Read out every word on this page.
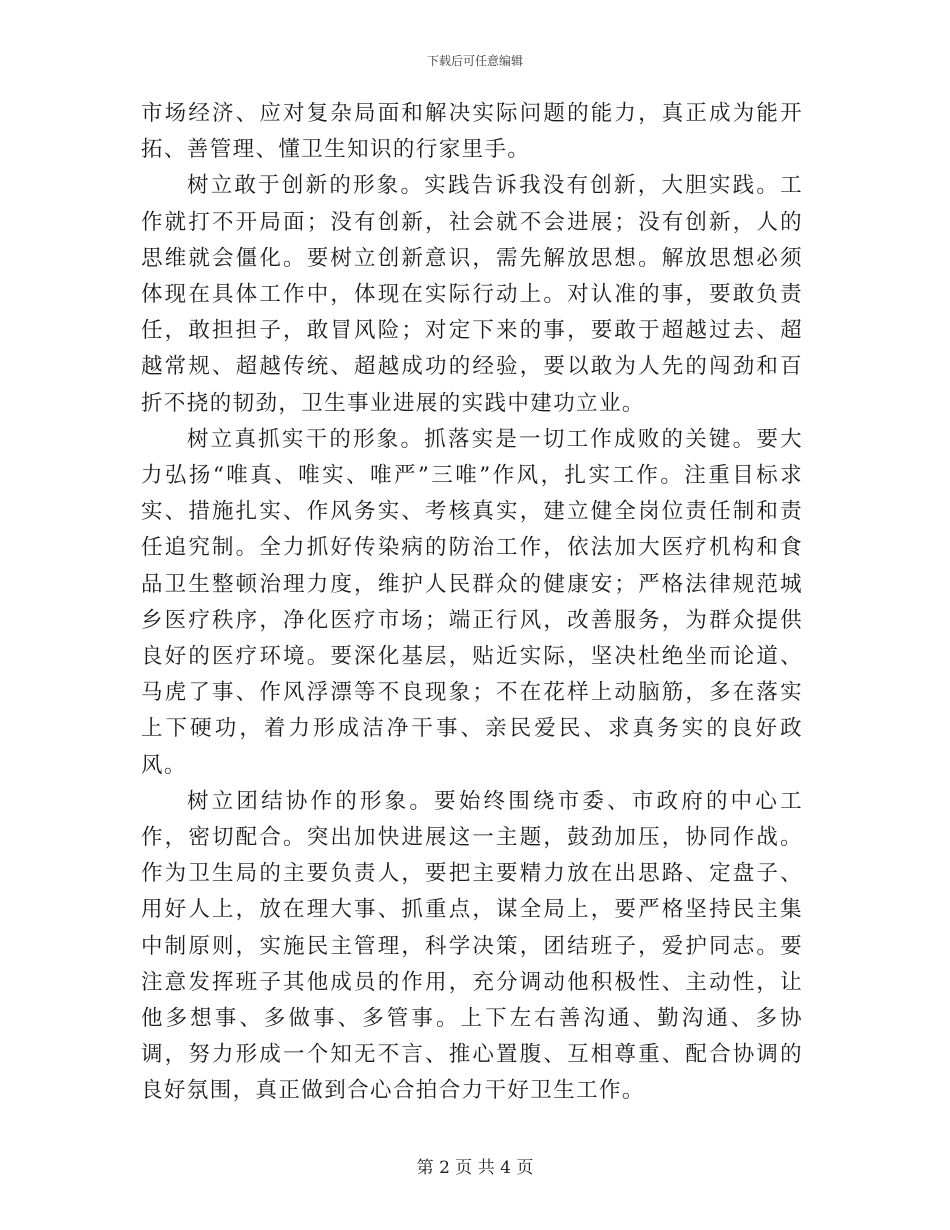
下载后可任意编辑

市场经济、应对复杂局面和解决实际问题的能力，真正成为能开拓、善管理、懂卫生知识的行家里手。

树立敢于创新的形象。实践告诉我没有创新，大胆实践。工作就打不开局面；没有创新，社会就不会进展；没有创新，人的思维就会僵化。要树立创新意识，需先解放思想。解放思想必须体现在具体工作中，体现在实际行动上。对认准的事，要敢负责任，敢担担子，敢冒风险；对定下来的事，要敢于超越过去、超越常规、超越传统、超越成功的经验，要以敢为人先的闯劲和百折不挠的韧劲，卫生事业进展的实践中建功立业。

树立真抓实干的形象。抓落实是一切工作成败的关键。要大力弘扬“唯真、唯实、唯严”三唯”作风，扎实工作。注重目标求实、措施扎实、作风务实、考核真实，建立健全岗位责任制和责任追究制。全力抓好传染病的防治工作，依法加大医疗机构和食品卫生整顿治理力度，维护人民群众的健康安；严格法律规范城乡医疗秩序，净化医疗市场；端正行风，改善服务，为群众提供良好的医疗环境。要深化基层，贴近实际，坚决杜绝坐而论道、马虎了事、作风浮漂等不良现象；不在花样上动脑筋，多在落实上下硬功，着力形成洁净干事、亲民爱民、求真务实的良好政风。

树立团结协作的形象。要始终围绕市委、市政府的中心工作，密切配合。突出加快进展这一主题，鼓劲加压，协同作战。作为卫生局的主要负责人，要把主要精力放在出思路、定盘子、用好人上，放在理大事、抓重点，谋全局上，要严格坚持民主集中制原则，实施民主管理，科学决策，团结班子，爱护同志。要注意发挥班子其他成员的作用，充分调动他积极性、主动性，让他多想事、多做事、多管事。上下左右善沟通、勤沟通、多协调，努力形成一个知无不言、推心置腹、互相尊重、配合协调的良好氛围，真正做到合心合拍合力干好卫生工作。

第 2 页 共 4 页
